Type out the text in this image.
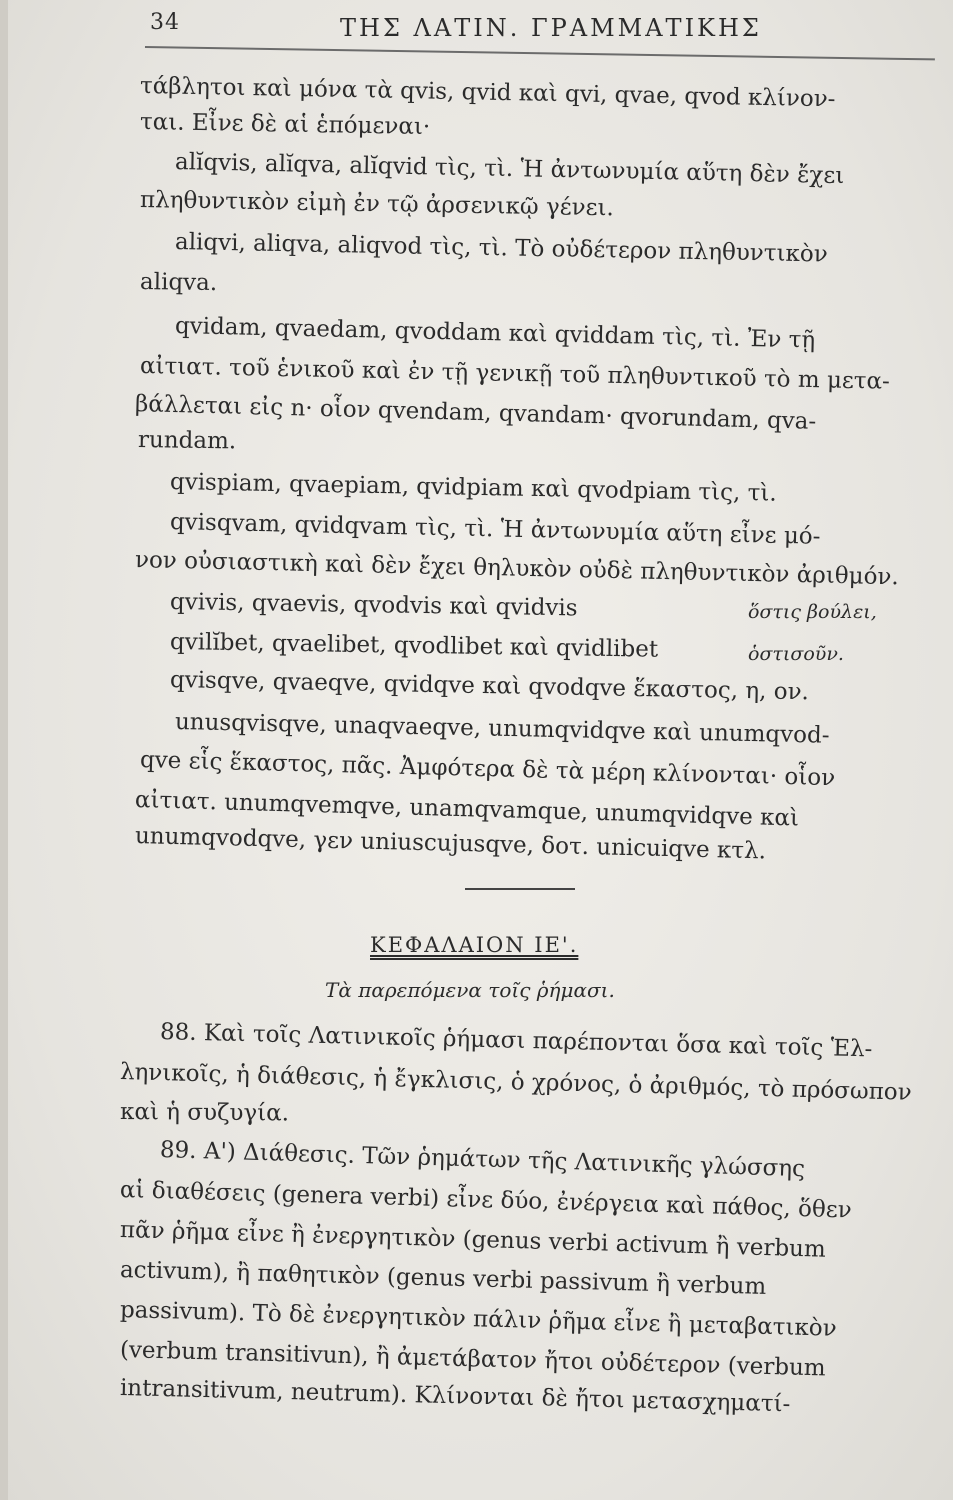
34	ΤΗΣ ΛΑΤΙΝ. ΓΡΑΜΜΑΤΙΚΗΣ
τάβλητοι καὶ μόνα τὰ qvis, qvid καὶ qvi, qvae, qvod κλίνον-
ται. Εἶνε δὲ αἱ ἑπόμεναι·
alĭqvis, alĭqva, alĭqvid τὶς, τὶ. Ἡ ἀντωνυμία αὕτη δὲν ἔχει
πληθυντικὸν εἰμὴ ἐν τῷ ἀρσενικῷ γένει.
aliqvi, aliqva, aliqvod τὶς, τὶ. Τὸ οὐδέτερον πληθυντικὸν
aliqva.
qvidam, qvaedam, qvoddam καὶ qviddam τὶς, τὶ. Ἐν τῇ
αἰτιατ. τοῦ ἑνικοῦ καὶ ἐν τῇ γενικῇ τοῦ πληθυντικοῦ τὸ m μετα-
βάλλεται εἰς n· οἷον qvendam, qvandam· qvorundam, qva-
rundam.
qvispiam, qvaepiam, qvidpiam καὶ qvodpiam τὶς, τὶ.
qvisqvam, qvidqvam τὶς, τὶ. Ἡ ἀντωνυμία αὕτη εἶνε μό-
νον οὐσιαστικὴ καὶ δὲν ἔχει θηλυκὸν οὐδὲ πληθυντικὸν ἀριθμόν.
qvivis, qvaevis, qvodvis καὶ qvidvis
qvilĭbet, qvaelibet, qvodlibet καὶ qvidlibet
ὅστις βούλει,
ὁστισοῦν.
qvisqve, qvaeqve, qvidqve καὶ qvodqve ἕκαστος, η, ον.
unusqvisqve, unaqvaeqve, unumqvidqve καὶ unumqvod-
qve εἷς ἕκαστος, πᾶς. Ἀμφότερα δὲ τὰ μέρη κλίνονται· οἷον
αἰτιατ. unumqvemqve, unamqvamque, unumqvidqve καὶ
unumqvodqve, γεν uniuscujusqve, δοτ. unicuiqve κτλ.
ΚΕΦΑΛΑΙΟΝ ΙΕ'.
Τὰ παρεπόμενα τοῖς ῥήμασι.
88. Καὶ τοῖς Λατινικοῖς ῥήμασι παρέπονται ὅσα καὶ τοῖς Ἑλ-
ληνικοῖς, ἡ διάθεσις, ἡ ἔγκλισις, ὁ χρόνος, ὁ ἀριθμός, τὸ πρόσωπον
καὶ ἡ συζυγία.
89. Α') Διάθεσις. Τῶν ῥημάτων τῆς Λατινικῆς γλώσσης
αἱ διαθέσεις (genera verbi) εἶνε δύο, ἐνέργεια καὶ πάθος, ὅθεν
πᾶν ῥῆμα εἶνε ἢ ἐνεργητικὸν (genus verbi activum ἢ verbum
activum), ἢ παθητικὸν (genus verbi passivum ἢ verbum
passivum). Τὸ δὲ ἐνεργητικὸν πάλιν ῥῆμα εἶνε ἢ μεταβατικὸν
(verbum transitivun), ἢ ἀμετάβατον ἤτοι οὐδέτερον (verbum
intransitivum, neutrum). Κλίνονται δὲ ἤτοι μετασχηματί-
